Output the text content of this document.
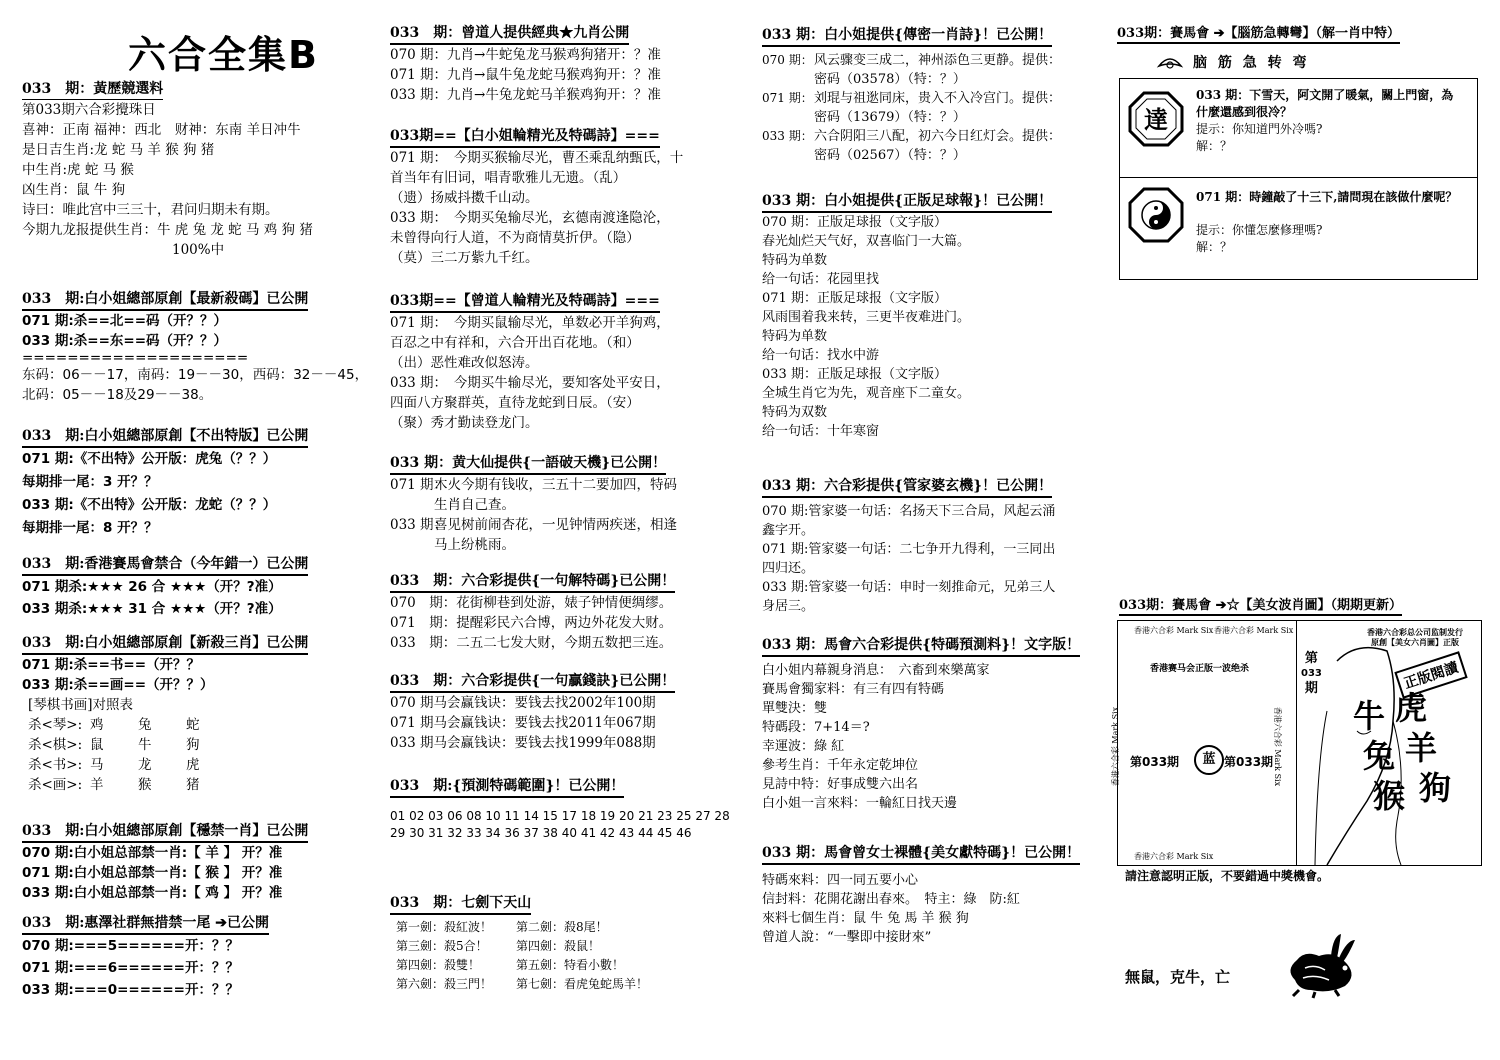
六合全集B
033　期：黃歷競選料
第033期六合彩攪珠日
喜神：正南 福神：西北　财神：东南 羊日冲牛
是日吉生肖:龙 蛇 马 羊 猴 狗 猪
中生肖:虎 蛇 马 猴
凶生肖：鼠 牛 狗
诗曰：唯此宫中三三十，君问归期未有期。
今期九龙报提供生肖：牛 虎 兔 龙 蛇 马 鸡 狗 猪
100%中
033　期:白小姐總部原創【最新殺碼】已公開
071 期:杀==北==码（开？？）
033 期:杀==东==码（开？？）
====================
东码：06－－17，南码：19－－30，西码：32－－45，
北码：05－－18及29－－38。
033　期:白小姐總部原創【不出特版】已公開
071 期:《不出特》公开版：虎兔（？？）
每期排一尾：3 开？？
033 期:《不出特》公开版：龙蛇（？？）
每期排一尾：8 开？？
033　期:香港賽馬會禁合（今年錯一）已公開
071 期杀:★★★ 26 合 ★★★（开？?准）
033 期杀:★★★ 31 合 ★★★（开？?准）
033　期:白小姐總部原創【新殺三肖】已公開
071 期:杀==书==（开？？
033 期:杀==画==（开？？）
[琴棋书画]对照表
杀<琴>: 鸡	兔	蛇
杀<棋>: 鼠	牛	狗
杀<书>: 马	龙	虎
杀<画>: 羊	猴	猪
033　期:白小姐總部原創【穩禁一肖】已公開
070 期:白小姐总部禁一肖:【 羊 】 开？准
071 期:白小姐总部禁一肖:【 猴 】 开？准
033 期:白小姐总部禁一肖:【 鸡 】 开？准
033　期:惠澤社群無措禁一尾 ➔已公開
070 期:===5======开：？？
071 期:===6======开：？？
033 期:===0======开：？？
033　期：曾道人提供經典★九肖公開
070 期：九肖→牛蛇兔龙马猴鸡狗猪开：？准
071 期：九肖→鼠牛兔龙蛇马猴鸡狗开：？准
033 期：九肖→牛兔龙蛇马羊猴鸡狗开：？准
033期==【白小姐輪精光及特碼詩】===
071 期：　今期买猴输尽光，曹丕乘乱纳甄氏，十
首当年有旧词，唱青歌雅儿无遗。（乱）
（遗）扬威抖擞千山动。
033 期：　今期买兔输尽光，玄德南渡逢隐沦，
未曾得向行人道，不为商情莫折伊。（隐）
（莫）三二万紫九千红。
033期==【曾道人輪精光及特碼詩】===
071 期：　今期买鼠输尽光，单数必开羊狗鸡，
百忍之中有祥和，六合开出百花地。（和）
（出）恶性难改似怒涛。
033 期：　今期买牛输尽光，要知客处平安日，
四面八方聚群英，直待龙蛇到日辰。（安）
（聚）秀才勤读登龙门。
033 期：黄大仙提供{一語破天機}已公開！
071 期：木火今期有钱收，三五十二要加四，特码
生肖自己查。
033 期：喜见树前闹杏花，一见钟情两疾迷，相逢
马上纷桃雨。
033　期：六合彩提供{一句解特碼}已公開！
070　期：花街柳巷到处游，婊子钟情便绸缪。
071　期：提醒彩民六合博，两边外花发大财。
033　期：二五二七发大财，今期五数把三连。
033　期：六合彩提供{一句贏錢訣}已公開！
070 期马会赢钱诀：要钱去找2002年100期
071 期马会赢钱诀：要钱去找2011年067期
033 期马会赢钱诀：要钱去找1999年088期
033　期:{預測特碼範圍}！已公開！
01 02 03 06 08 10 11 14 15 17 18 19 20 21 23 25 27 28
29 30 31 32 33 34 36 37 38 40 41 42 43 44 45 46
033　期：七劍下天山
第一劍：殺紅波！	第二劍：殺8尾！
第三劍：殺5合！	第四劍：殺鼠！
第四劍：殺雙！	第五劍：特看小數！
第六劍：殺三門！	第七劍：看虎兔蛇馬羊！
033 期：白小姐提供{傳密一肖詩}！已公開！
070 期：风云骤变三成二，神州添色三更静。提供：
密码（03578）（特：？）
071 期：刘琨与祖逖同床，贵入不入冷宫门。提供：
密码（13679）（特：？）
033 期：六合阴阳三八配，初六今日红灯会。提供：
密码（02567）（特：？）
033 期：白小姐提供{正版足球報}！已公開！
070 期：正版足球报（文字版）
春光灿烂天气好，双喜临门一大篇。
特码为单数
给一句话：花园里找
071 期：正版足球报（文字版）
风雨围着我来转，三更半夜难进门。
特码为单数
给一句话：找水中游
033 期：正版足球报（文字版）
全城生肖它为先，观音座下二童女。
特码为双数
给一句话：十年寒窗
033 期：六合彩提供{管家婆玄機}！已公開！
070 期:管家婆一句话：名扬天下三合局，风起云涌
鑫字开。
071 期:管家婆一句话：二七争开九得利，一三同出
四归还。
033 期:管家婆一句话：申时一刻推命元，兄弟三人
身居三。
033 期：馬會六合彩提供{特碼預測料}！文字版！
白小姐内幕親身消息：　六畜到來樂萬家
賽馬會獨家料：有三有四有特碼
單雙決：雙
特碼段：7+14＝?
幸運波：綠 紅
參考生肖：千年永定乾坤位
見詩中特：好事成雙六出名
白小姐一言來料：一輪紅日找天邊
033 期：馬會曾女士裸體{美女獻特碼}！已公開！
特碼來料：四一同五要小心
信封料：花開花謝出春來。　特主：綠　防:紅
來料七個生肖：鼠 牛 兔 馬 羊 猴 狗
曾道人說：“一擊即中接財來”
033期：賽馬會 ➔【腦筋急轉彎】（解一肖中特）
脑 筋 急 转 弯
達
033 期：下雪天，阿文開了暖氣，關上門窗，為
什麼還感到很冷？
提示：你知道門外冷嗎?
解：？
071 期：時鐘敲了十三下,請問現在該做什麼呢？
提示：你懂怎麼修理嗎?
解：？
033期：賽馬會 ➔☆【美女波肖圖】（期期更新）
香港六合彩 Mark Six 香港六合彩 Mark Six
香港赛马会正版一波绝杀
香港六合彩 Mark Six	香港六合彩 Mark Six
第033期	蓝 第033期
香港六合彩 Mark Six
香港六合彩总公司监制发行
原創【美女六肖圖】正版
第
033
期	正版閱讀
牛 虎
兔 羊
猴 狗
請注意認明正版，不要錯過中獎機會。
無鼠，克牛，亡
